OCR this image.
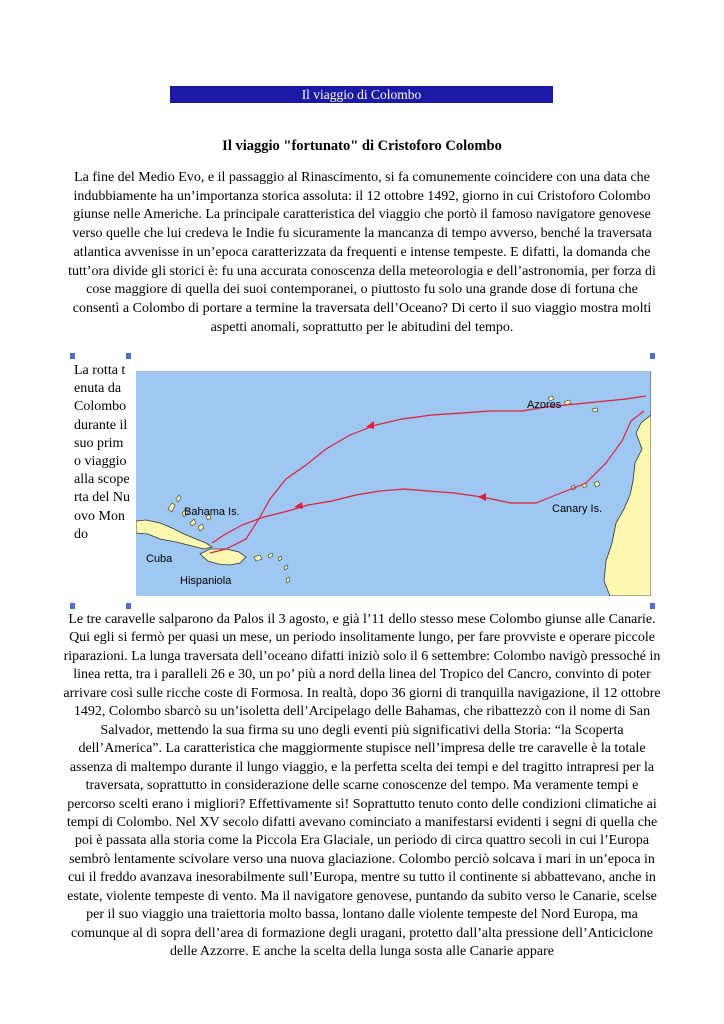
Il viaggio di Colombo
Il viaggio "fortunato" di Cristoforo Colombo

La fine del Medio Evo, e il passaggio al Rinascimento, si fa comunemente coincidere con una data che indubbiamente ha un’importanza storica assoluta: il 12 ottobre 1492, giorno in cui Cristoforo Colombo giunse nelle Americhe. La principale caratteristica del viaggio che portò il famoso navigatore genovese verso quelle che lui credeva le Indie fu sicuramente la mancanza di tempo avverso, benché la traversata atlantica avvenisse in un’epoca caratterizzata da frequenti e intense tempeste. E difatti, la domanda che tutt’ora divide gli storici è: fu una accurata conoscenza della meteorologia e dell’astronomia, per forza di cose maggiore di quella dei suoi contemporanei, o piuttosto fu solo una grande dose di fortuna che consentì a Colombo di portare a termine la traversata dell’Oceano? Di certo il suo viaggio mostra molti aspetti anomali, soprattutto per le abitudini del tempo.

La rotta tenuta da Colombo durante il suo primo viaggio alla scoperta del Nuovo Mondo
Azores
Bahama Is.	Canary Is.
Cuba
Hispaniola

Le tre caravelle salparono da Palos il 3 agosto, e già l’11 dello stesso mese Colombo giunse alle Canarie. Qui egli si fermò per quasi un mese, un periodo insolitamente lungo, per fare provviste e operare piccole riparazioni. La lunga traversata dell’oceano difatti iniziò solo il 6 settembre: Colombo navigò pressoché in linea retta, tra i paralleli 26 e 30, un po’ più a nord della linea del Tropico del Cancro, convinto di poter arrivare così sulle ricche coste di Formosa. In realtà, dopo 36 giorni di tranquilla navigazione, il 12 ottobre 1492, Colombo sbarcò su un’isoletta dell’Arcipelago delle Bahamas, che ribattezzò con il nome di San Salvador, mettendo la sua firma su uno degli eventi più significativi della Storia: “la Scoperta dell’America”. La caratteristica che maggiormente stupisce nell’impresa delle tre caravelle è la totale assenza di maltempo durante il lungo viaggio, e la perfetta scelta dei tempi e del tragitto intrapresi per la traversata, soprattutto in considerazione delle scarne conoscenze del tempo. Ma veramente tempi e percorso scelti erano i migliori? Effettivamente sì! Soprattutto tenuto conto delle condizioni climatiche ai tempi di Colombo. Nel XV secolo difatti avevano cominciato a manifestarsi evidenti i segni di quella che poi è passata alla storia come la Piccola Era Glaciale, un periodo di circa quattro secoli in cui l’Europa sembrò lentamente scivolare verso una nuova glaciazione. Colombo perciò solcava i mari in un’epoca in cui il freddo avanzava inesorabilmente sull’Europa, mentre su tutto il continente si abbattevano, anche in estate, violente tempeste di vento. Ma il navigatore genovese, puntando da subito verso le Canarie, scelse per il suo viaggio una traiettoria molto bassa, lontano dalle violente tempeste del Nord Europa, ma comunque al di sopra dell’area di formazione degli uragani, protetto dall’alta pressione dell’Anticiclone delle Azzorre. E anche la scelta della lunga sosta alle Canarie appare
